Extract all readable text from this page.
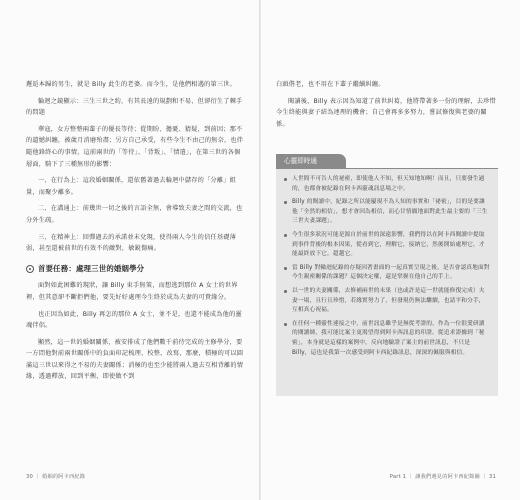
邂逅本歸的男生，就是 Billy 此生的老婆。而今生，是他們相遇的第三世。

輪迴之鏡顯示：三生三世之約，有其長遠的規劃和不易，但卻衍生了棘手的問題

華寇，女方整整兩輩子的優長等待；從期盼、擔憂、猜疑，到前因；那不的遺憾糾纏，被歲月消磨殆盡；另方自己承受，有些今生不由己的無奈，也伴隨他鋒終心的事情，這前兩世的「等待」、「背叛」、「情遣」，在第三世的各個層面，騎下了三種無形的影響：

一、在行為上：這段婚姻關係，還依舊著過去輪迴中儲存的「分離」組量，而聚少離多。

二、在溝通上：前幾世一切之後的言語全無，會導致夫妻之間的交流，也分外生疏。

三、在精神上：回彈過去的承諾並未兌現，使得兩人今生的信任基礎薄弱，甚至還被前世的有效不的敵對，敏銳傷痛。

首要任務：處理三世的婚姻學分

面對如此困難的現狀，讓 Billy 束手無策，而想逃到那位 A 女士的世界裡，但其意卻不斷拒們他，要先好好處理今生終於成為夫妻的可貴緣分。

也正因為如此，Billy 再怎的那位 A 女士，並不是，也還不能成為他的靈魂伴侶。

顯然，這一世的婚姻關係，被安排成了他們數千前待完成的主修學分，要一方問他對前兩世關係中的負面印記梳理、校整，改寫，那麼，積極的可以圓滿這三世以來得之不易的夫妻關係；消極的也至少能將兩人過去互相背離的情緣，透過釋放，回到平衡，即使做不到

白頭偕老，也不用在下輩子繼續糾纏。

閱讀後，Billy 表示因為知道了前世糾葛，他將帶著多一份的理解，去珍惜今生終能與妻子結為連理的機會；自己會再多多努力，嘗試修復與老婆的關係。

心靈即時通
人世間不可告人的祕密，即使他人不知，但天知地知啊！而且，只要發生過的，也都會被紀錄在阿卡西靈魂訊息場之中。
Billy 的閱讀中，紀錄之所以能屢現不為人知的事實和「祕密」，目的是要讓他「全然的相信」，想才會因為相信，而心甘情願地面對此生最主要的「三生三世夫妻課題」。
今生很多狀況可能是源自於前世的深遠影響，我們得以在阿卡西閱讀中提取到事件背後的根本因果，從看到它，理解它，接納它，然後開始處理它，才能最終放下它，超越它。
當 Billy 對輪迴紀錄的存疑因著畫面的一起真實呈現之後，是否會認真地面對今生親密關係的課題？這個決定權，還是掌握在他自己的手上。
以一世的夫妻關係，去修補兩世的未果（也或許是這一世就能修復完成）夫妻一場，且行且珍惜，若緣實努力了，但發現仍無法繼續，也請平和分手，互相真心祝福。
在任何一種靈性連接之中，前世訊息雖乎是無從考證的，作為一位很愛研讀的閱讀師，我可能比案主更渴望得到阿卡西訊息的印證。從追求證據到「秘密」，本身就是這樣的案例中，反向地驗證了案主的前世訊息，不只是 Billy，這也是我第一次感受到阿卡西紀錄訊息，深深的佩服與相信。
30 ｜ 婚姻的阿卡西紀錄	Part 1 ｜ 讓我們遇見的阿卡西紀錄圖 ｜ 31
